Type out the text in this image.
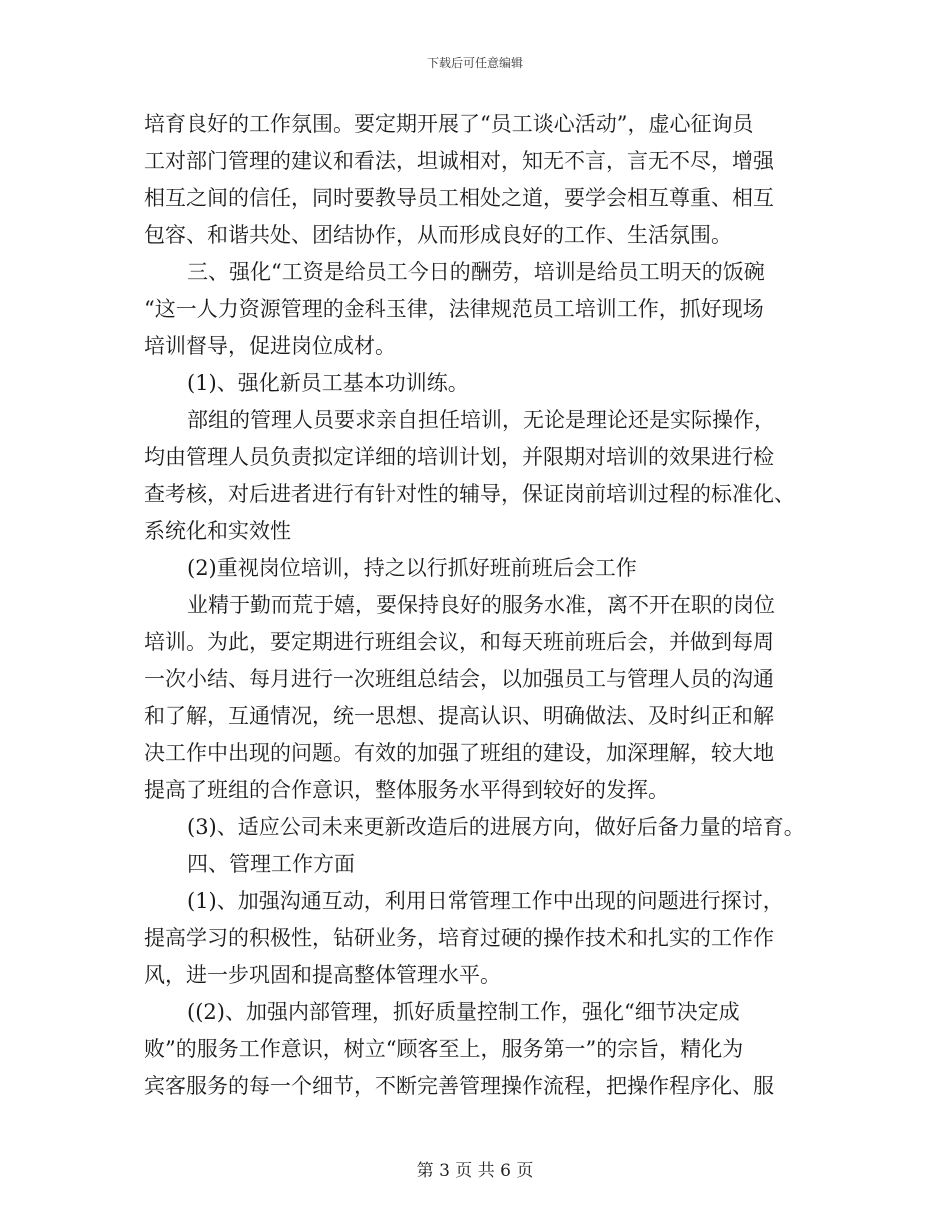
下载后可任意编辑
培育良好的工作氛围。要定期开展了“员工谈心活动”，虚心征询员
工对部门管理的建议和看法，坦诚相对，知无不言，言无不尽，增强
相互之间的信任，同时要教导员工相处之道，要学会相互尊重、相互
包容、和谐共处、团结协作，从而形成良好的工作、生活氛围。
三、强化“工资是给员工今日的酬劳，培训是给员工明天的饭碗
“这一人力资源管理的金科玉律，法律规范员工培训工作，抓好现场
培训督导，促进岗位成材。
(1)、强化新员工基本功训练。
部组的管理人员要求亲自担任培训，无论是理论还是实际操作，
均由管理人员负责拟定详细的培训计划，并限期对培训的效果进行检
查考核，对后进者进行有针对性的辅导，保证岗前培训过程的标准化、
系统化和实效性
(2)重视岗位培训，持之以行抓好班前班后会工作
业精于勤而荒于嬉，要保持良好的服务水准，离不开在职的岗位
培训。为此，要定期进行班组会议，和每天班前班后会，并做到每周
一次小结、每月进行一次班组总结会，以加强员工与管理人员的沟通
和了解，互通情况，统一思想、提高认识、明确做法、及时纠正和解
决工作中出现的问题。有效的加强了班组的建设，加深理解，较大地
提高了班组的合作意识，整体服务水平得到较好的发挥。
(3)、适应公司未来更新改造后的进展方向，做好后备力量的培育。
四、管理工作方面
(1)、加强沟通互动，利用日常管理工作中出现的问题进行探讨，
提高学习的积极性，钻研业务，培育过硬的操作技术和扎实的工作作
风，进一步巩固和提高整体管理水平。
((2)、加强内部管理，抓好质量控制工作，强化“细节决定成
败”的服务工作意识，树立“顾客至上，服务第一”的宗旨，精化为
宾客服务的每一个细节，不断完善管理操作流程，把操作程序化、服
第 3 页 共 6 页
